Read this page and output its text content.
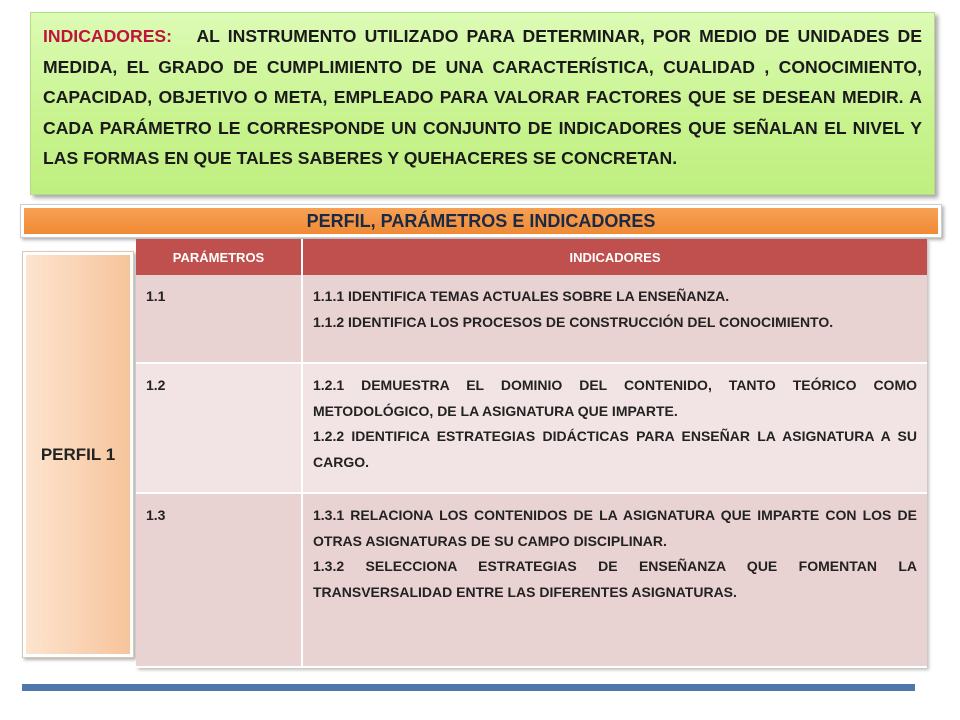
INDICADORES: AL INSTRUMENTO UTILIZADO PARA DETERMINAR, POR MEDIO DE UNIDADES DE MEDIDA, EL GRADO DE CUMPLIMIENTO DE UNA CARACTERÍSTICA, CUALIDAD , CONOCIMIENTO, CAPACIDAD, OBJETIVO O META, EMPLEADO PARA VALORAR FACTORES QUE SE DESEAN MEDIR. A CADA PARÁMETRO LE CORRESPONDE UN CONJUNTO DE INDICADORES QUE SEÑALAN EL NIVEL Y LAS FORMAS EN QUE TALES SABERES Y QUEHACERES SE CONCRETAN.
PERFIL, PARÁMETROS E INDICADORES
PERFIL 1
PARÁMETROS	INDICADORES
1.1	1.1.1 IDENTIFICA TEMAS ACTUALES SOBRE LA ENSEÑANZA.

1.1.2 IDENTIFICA LOS PROCESOS DE CONSTRUCCIÓN DEL CONOCIMIENTO.

1.2	1.2.1 DEMUESTRA EL DOMINIO DEL CONTENIDO, TANTO TEÓRICO COMO METODOLÓGICO, DE LA ASIGNATURA QUE IMPARTE.

1.2.2 IDENTIFICA ESTRATEGIAS DIDÁCTICAS PARA ENSEÑAR LA ASIGNATURA A SU CARGO.

1.3	1.3.1 RELACIONA LOS CONTENIDOS DE LA ASIGNATURA QUE IMPARTE CON LOS DE OTRAS ASIGNATURAS DE SU CAMPO DISCIPLINAR.

1.3.2 SELECCIONA ESTRATEGIAS DE ENSEÑANZA QUE FOMENTAN LA TRANSVERSALIDAD ENTRE LAS DIFERENTES ASIGNATURAS.
